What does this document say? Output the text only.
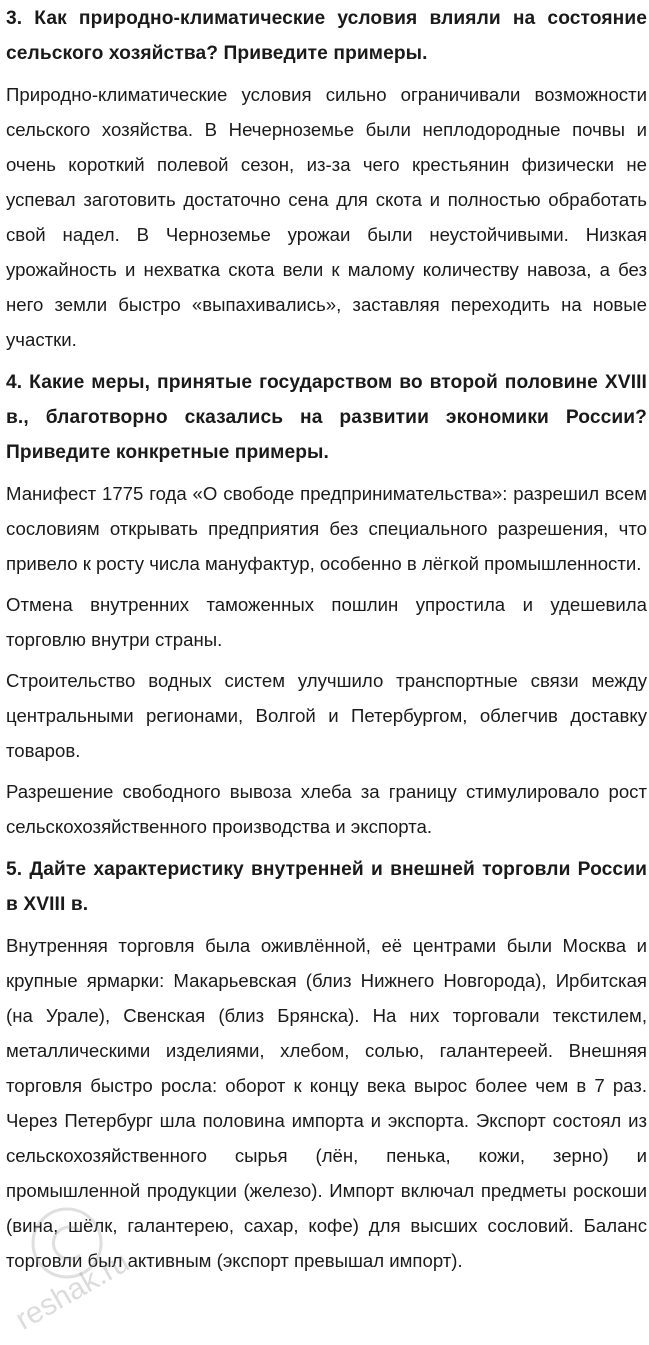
3. Как природно-климатические условия влияли на состояние сельского хозяйства? Приведите примеры.

Природно-климатические условия сильно ограничивали возможности сельского хозяйства. В Нечерноземье были неплодородные почвы и очень короткий полевой сезон, из-за чего крестьянин физически не успевал заготовить достаточно сена для скота и полностью обработать свой надел. В Черноземье урожаи были неустойчивыми. Низкая урожайность и нехватка скота вели к малому количеству навоза, а без него земли быстро «выпахивались», заставляя переходить на новые участки.

4. Какие меры, принятые государством во второй половине XVIII в., благотворно сказались на развитии экономики России? Приведите конкретные примеры.

Манифест 1775 года «О свободе предпринимательства»: разрешил всем сословиям открывать предприятия без специального разрешения, что привело к росту числа мануфактур, особенно в лёгкой промышленности.

Отмена внутренних таможенных пошлин упростила и удешевила торговлю внутри страны.

Строительство водных систем улучшило транспортные связи между центральными регионами, Волгой и Петербургом, облегчив доставку товаров.

Разрешение свободного вывоза хлеба за границу стимулировало рост сельскохозяйственного производства и экспорта.

5. Дайте характеристику внутренней и внешней торговли России в XVIII в.

Внутренняя торговля была оживлённой, её центрами были Москва и крупные ярмарки: Макарьевская (близ Нижнего Новгорода), Ирбитская (на Урале), Свенская (близ Брянска). На них торговали текстилем, металлическими изделиями, хлебом, солью, галантереей. Внешняя торговля быстро росла: оборот к концу века вырос более чем в 7 раз. Через Петербург шла половина импорта и экспорта. Экспорт состоял из сельскохозяйственного сырья (лён, пенька, кожи, зерно) и промышленной продукции (железо). Импорт включал предметы роскоши (вина, шёлк, галантерею, сахар, кофе) для высших сословий. Баланс торговли был активным (экспорт превышал импорт).

reshak.ru
